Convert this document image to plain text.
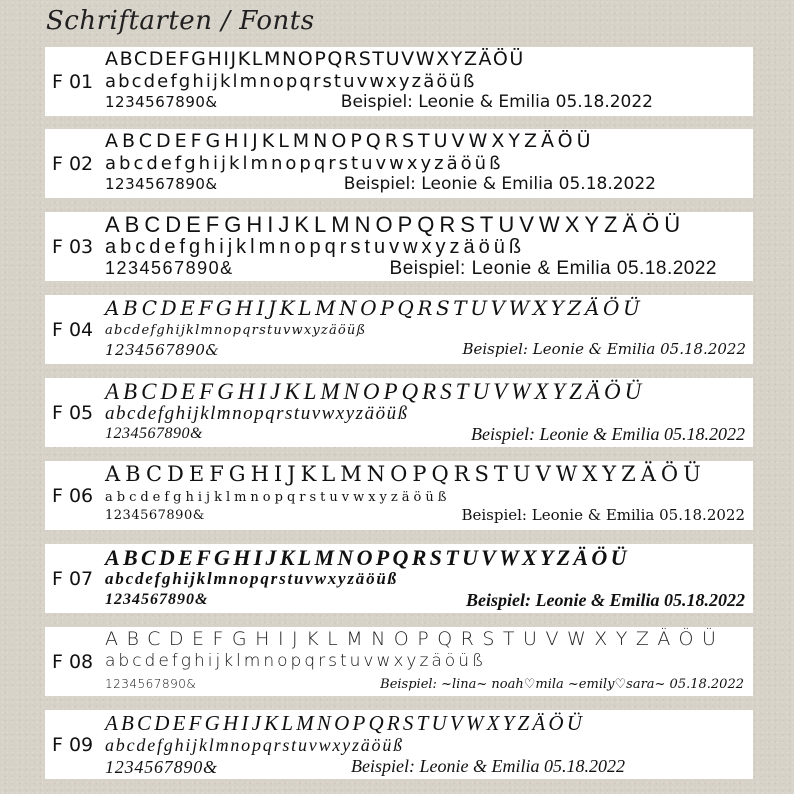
Schriftarten / Fonts
F 01
ABCDEFGHIJKLMNOPQRSTUVWXYZÄÖÜ
abcdefghijklmnopqrstuvwxyzäöüß
1234567890&	Beispiel: Leonie & Emilia 05.18.2022
F 02
ABCDEFGHIJKLMNOPQRSTUVWXYZÄÖÜ
abcdefghijklmnopqrstuvwxyzäöüß
1234567890&	Beispiel: Leonie & Emilia 05.18.2022
F 03
ABCDEFGHIJKLMNOPQRSTUVWXYZÄÖÜ
abcdefghijklmnopqrstuvwxyzäöüß
1234567890&	Beispiel: Leonie & Emilia 05.18.2022
F 04
ABCDEFGHIJKLMNOPQRSTUVWXYZÄÖÜ
abcdefghijklmnopqrstuvwxyzäöüß
1234567890&	Beispiel: Leonie & Emilia 05.18.2022
F 05
ABCDEFGHIJKLMNOPQRSTUVWXYZÄÖÜ
abcdefghijklmnopqrstuvwxyzäöüß
1234567890&	Beispiel: Leonie & Emilia 05.18.2022
F 06
ABCDEFGHIJKLMNOPQRSTUVWXYZÄÖÜ
abcdefghijklmnopqrstuvwxyzäöüß
1234567890&	Beispiel: Leonie & Emilia 05.18.2022
F 07
ABCDEFGHIJKLMNOPQRSTUVWXYZÄÖÜ
abcdefghijklmnopqrstuvwxyzäöüß
1234567890&	Beispiel: Leonie & Emilia 05.18.2022
F 08
ABCDEFGHIJKLMNOPQRSTUVWXYZÄÖÜ
abcdefghijklmnopqrstuvwxyzäöüß
1234567890&	Beispiel: ~lina~ noah♡mila ~emily♡sara~ 05.18.2022
F 09
ABCDEFGHIJKLMNOPQRSTUVWXYZÄÖÜ
abcdefghijklmnopqrstuvwxyzäöüß
1234567890&	Beispiel: Leonie & Emilia 05.18.2022
